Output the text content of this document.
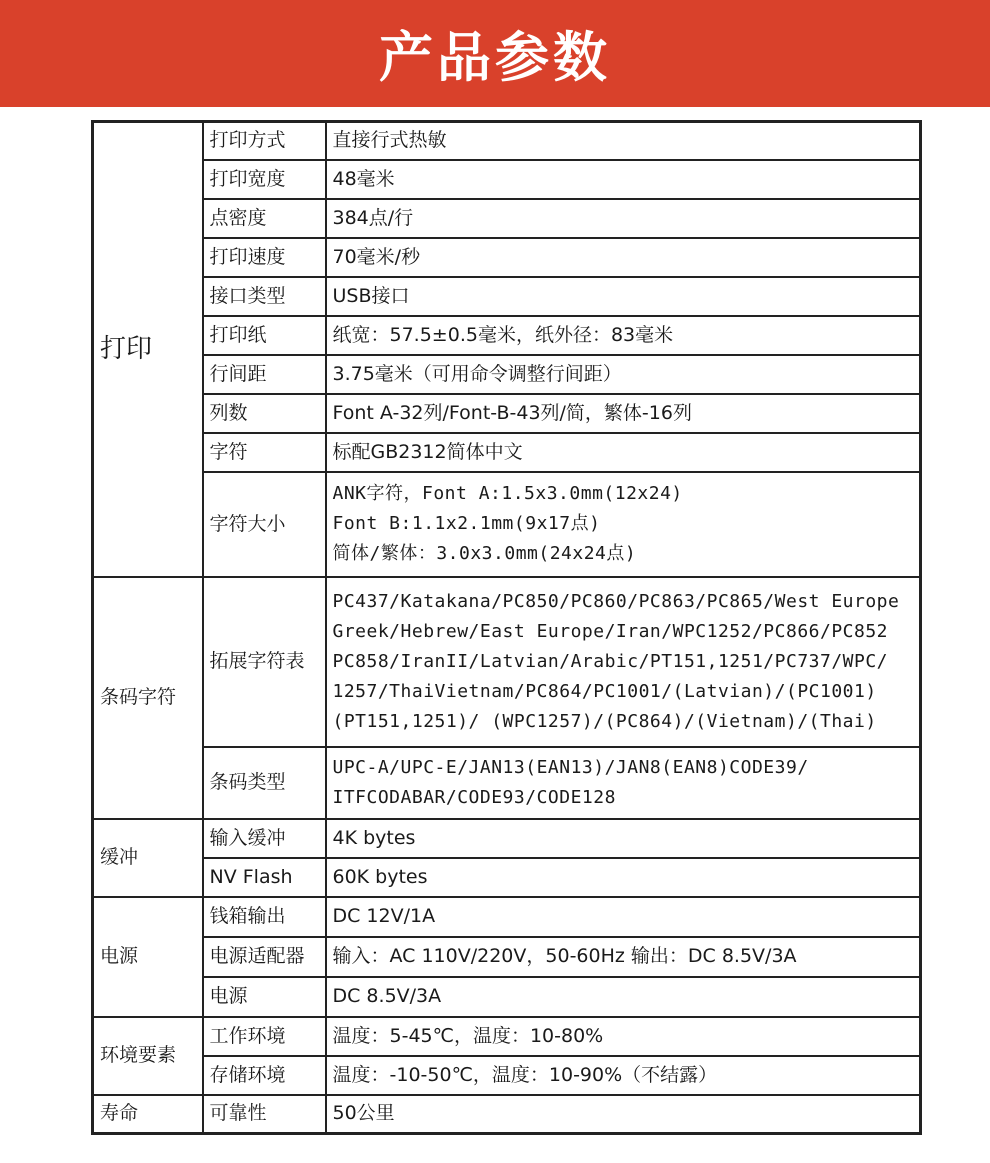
产品参数
打印	打印方式	直接行式热敏

	打印宽度	48毫米

	点密度	384点/行

	打印速度	70毫米/秒

	接口类型	USB接口

	打印纸	纸宽：57.5±0.5毫米，纸外径：83毫米

	行间距	3.75毫米（可用命令调整行间距）

	列数	Font A-32列/Font-B-43列/简，繁体-16列

	字符	标配GB2312简体中文

	字符大小	ANK字符，Font A:1.5x3.0mm(12x24)
Font B:1.1x2.1mm(9x17点)
简体/繁体：3.0x3.0mm(24x24点)

条码字符	拓展字符表	PC437/Katakana/PC850/PC860/PC863/PC865/West Europe
Greek/Hebrew/East Europe/Iran/WPC1252/PC866/PC852
PC858/IranII/Latvian/Arabic/PT151,1251/PC737/WPC/
1257/ThaiVietnam/PC864/PC1001/(Latvian)/(PC1001)
(PT151,1251)/ (WPC1257)/(PC864)/(Vietnam)/(Thai)

	条码类型	UPC-A/UPC-E/JAN13(EAN13)/JAN8(EAN8)CODE39/
ITFCODABAR/CODE93/CODE128

缓冲	输入缓冲	4K bytes

	NV Flash	60K bytes

电源	钱箱输出	DC 12V/1A

	电源适配器	输入：AC 110V/220V，50-60Hz 输出：DC 8.5V/3A

	电源	DC 8.5V/3A

环境要素	工作环境	温度：5-45℃，温度：10-80%

	存储环境	温度：-10-50℃，温度：10-90%（不结露）

寿命	可靠性	50公里
